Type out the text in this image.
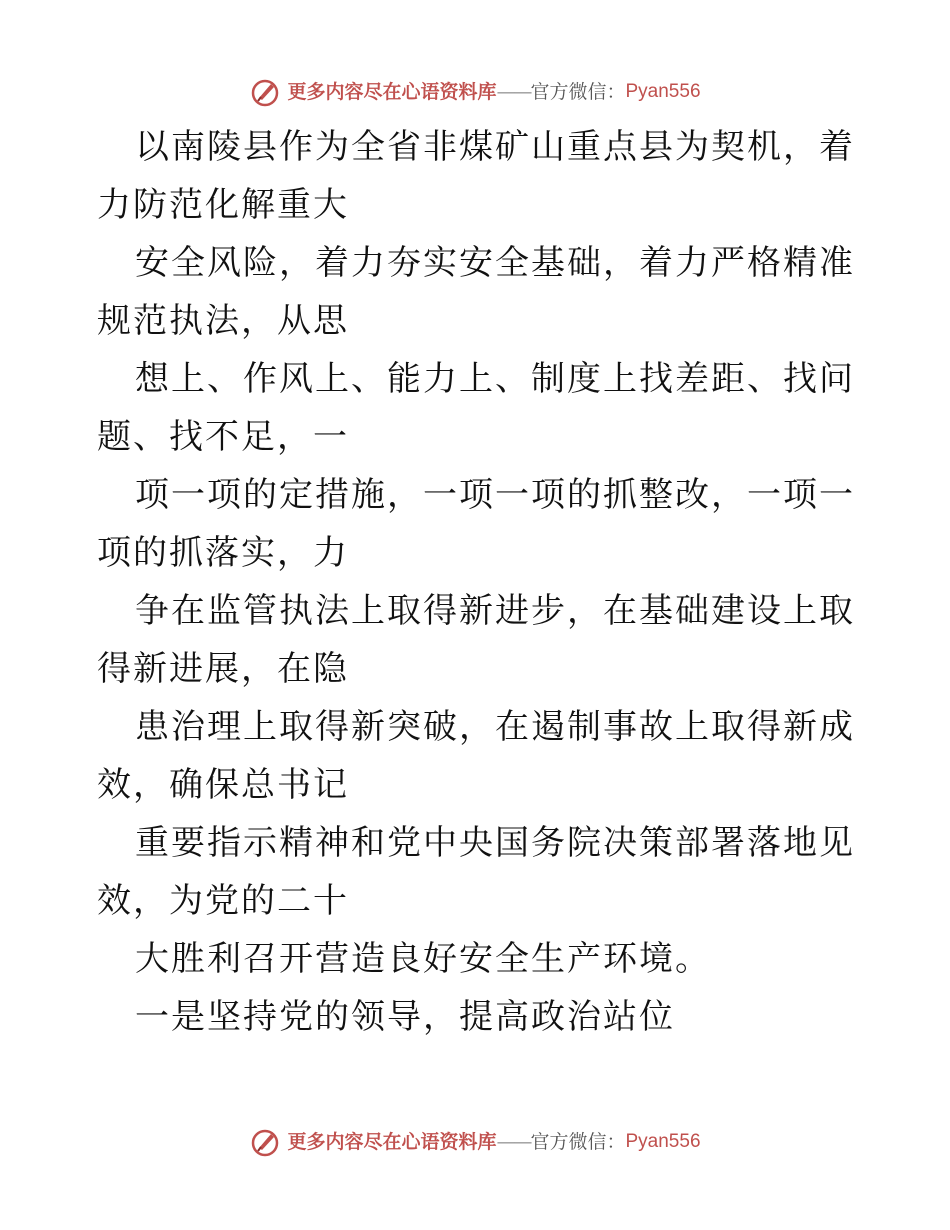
更多内容尽在心语资料库 —— 官方微信： Pyan556

以南陵县作为全省非煤矿山重点县为契机，着力防范化解重大

安全风险，着力夯实安全基础，着力严格精准规范执法，从思

想上、作风上、能力上、制度上找差距、找问题、找不足，一

项一项的定措施，一项一项的抓整改，一项一项的抓落实，力

争在监管执法上取得新进步，在基础建设上取得新进展，在隐

患治理上取得新突破，在遏制事故上取得新成效，确保总书记

重要指示精神和党中央国务院决策部署落地见效，为党的二十

大胜利召开营造良好安全生产环境。

一是坚持党的领导，提高政治站位

更多内容尽在心语资料库 —— 官方微信： Pyan556
